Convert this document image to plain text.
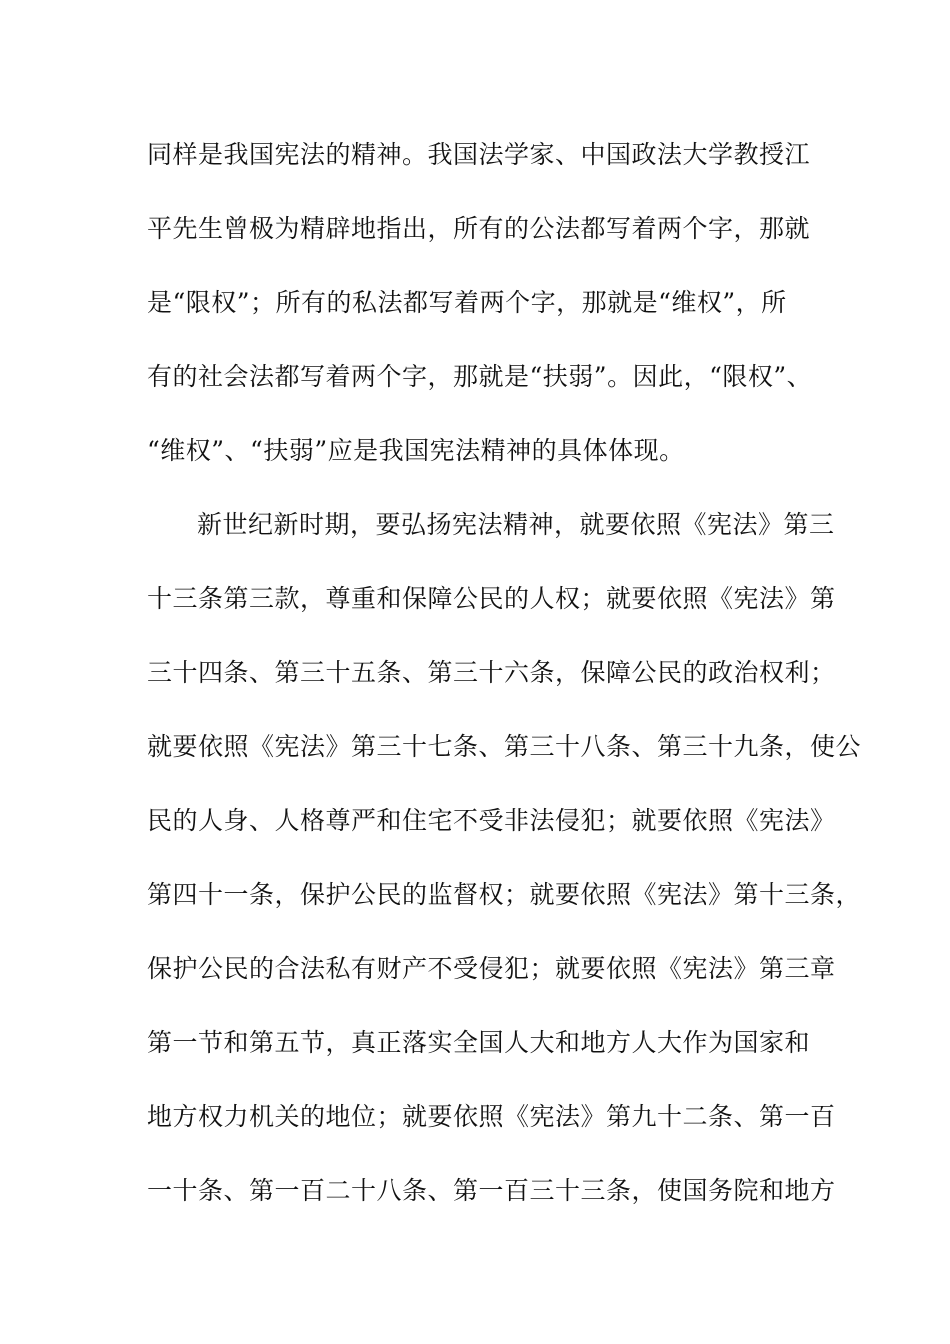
同样是我国宪法的精神。我国法学家、中国政法大学教授江
平先生曾极为精辟地指出，所有的公法都写着两个字，那就
是“限权”；所有的私法都写着两个字，那就是“维权”，所
有的社会法都写着两个字，那就是“扶弱”。因此，“限权”、
“维权”、“扶弱”应是我国宪法精神的具体体现。
新世纪新时期，要弘扬宪法精神，就要依照《宪法》第三
十三条第三款，尊重和保障公民的人权；就要依照《宪法》第
三十四条、第三十五条、第三十六条，保障公民的政治权利；
就要依照《宪法》第三十七条、第三十八条、第三十九条，使公
民的人身、人格尊严和住宅不受非法侵犯；就要依照《宪法》
第四十一条，保护公民的监督权；就要依照《宪法》第十三条，
保护公民的合法私有财产不受侵犯；就要依照《宪法》第三章
第一节和第五节，真正落实全国人大和地方人大作为国家和
地方权力机关的地位；就要依照《宪法》第九十二条、第一百
一十条、第一百二十八条、第一百三十三条，使国务院和地方
